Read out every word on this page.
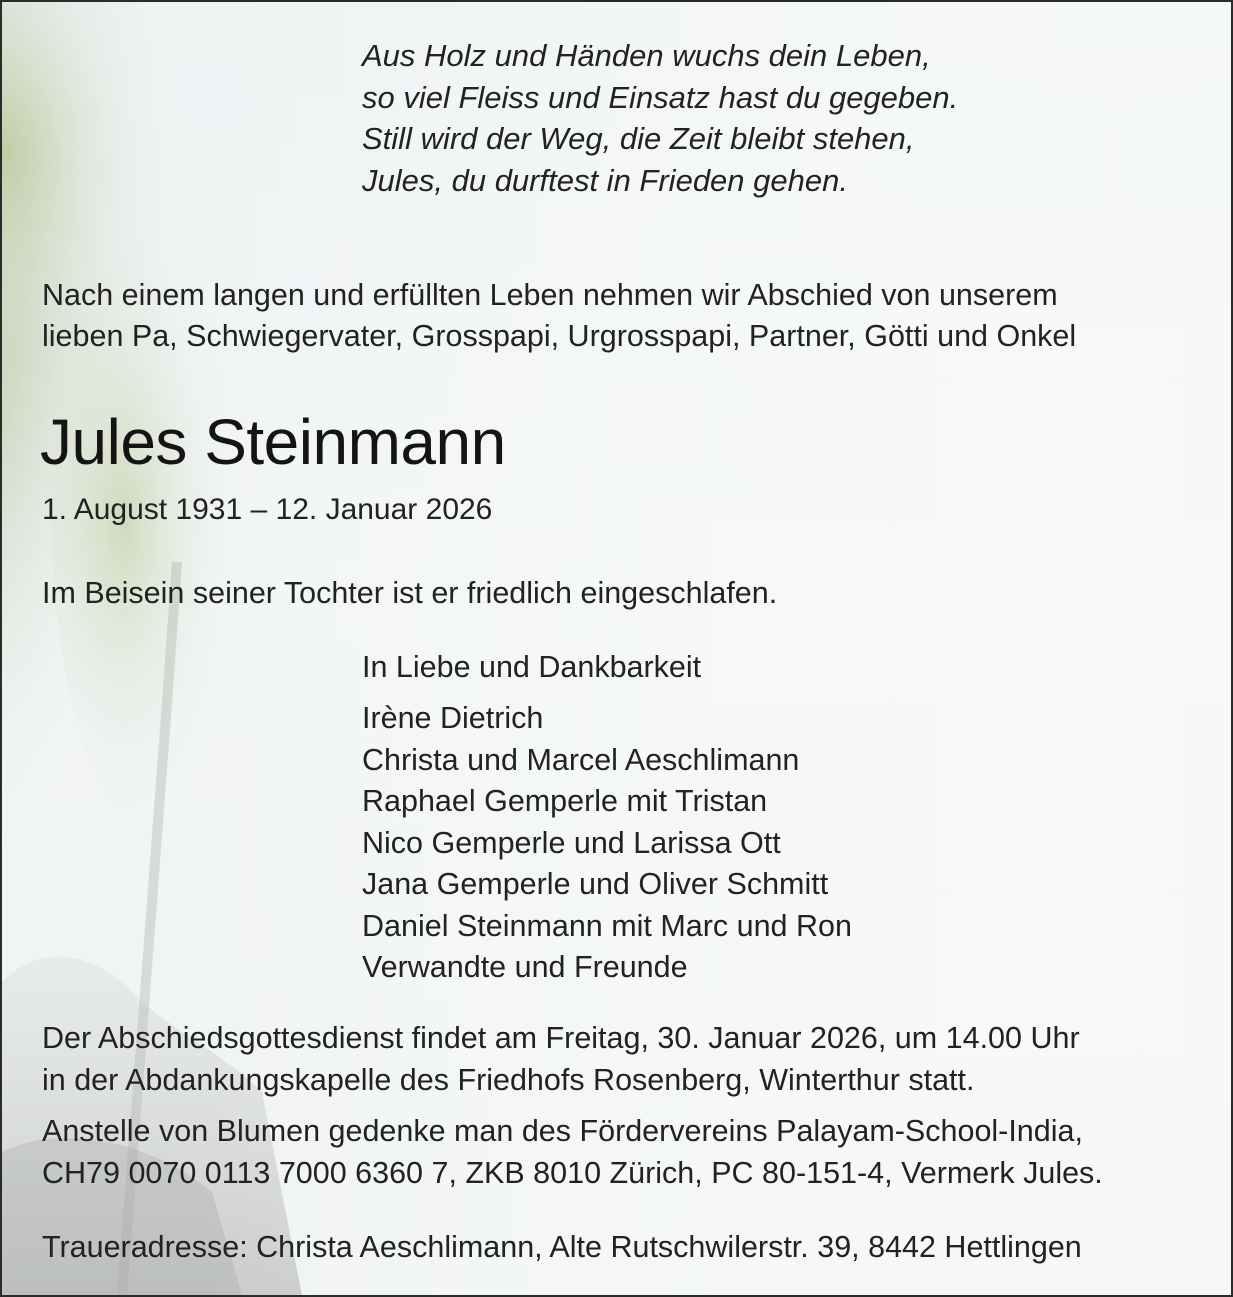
Aus Holz und Händen wuchs dein Leben,
so viel Fleiss und Einsatz hast du gegeben.
Still wird der Weg, die Zeit bleibt stehen,
Jules, du durftest in Frieden gehen.
Nach einem langen und erfüllten Leben nehmen wir Abschied von unserem
lieben Pa, Schwiegervater, Grosspapi, Urgrosspapi, Partner, Götti und Onkel
Jules Steinmann
1. August 1931 – 12. Januar 2026
Im Beisein seiner Tochter ist er friedlich eingeschlafen.
In Liebe und Dankbarkeit
Irène Dietrich
Christa und Marcel Aeschlimann
Raphael Gemperle mit Tristan
Nico Gemperle und Larissa Ott
Jana Gemperle und Oliver Schmitt
Daniel Steinmann mit Marc und Ron
Verwandte und Freunde
Der Abschiedsgottesdienst findet am Freitag, 30. Januar 2026, um 14.00 Uhr
in der Abdankungskapelle des Friedhofs Rosenberg, Winterthur statt.
Anstelle von Blumen gedenke man des Fördervereins Palayam-School-India,
CH79 0070 0113 7000 6360 7, ZKB 8010 Zürich, PC 80-151-4, Vermerk Jules.
Traueradresse: Christa Aeschlimann, Alte Rutschwilerstr. 39, 8442 Hettlingen
